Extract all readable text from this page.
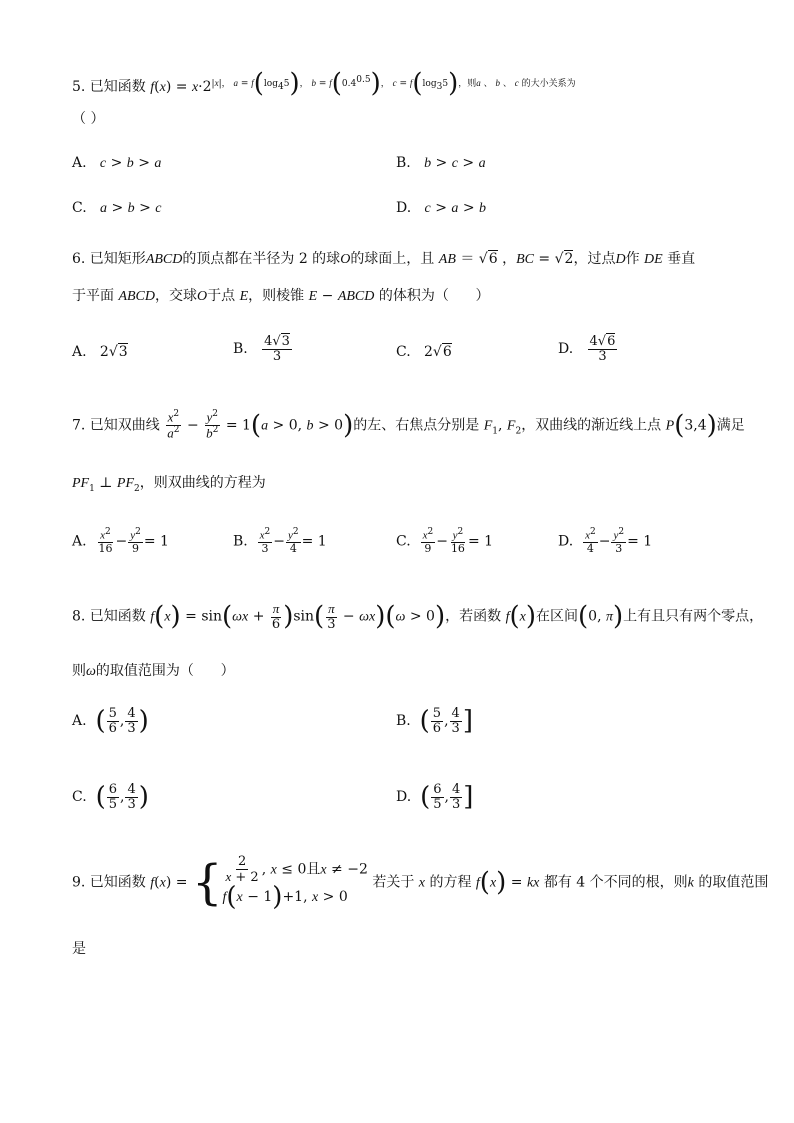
5. 已知函数 $f(x) = x\cdot 2^{|x|, a = f(log_45), b = f(0.4^{0.5}), c = f(log_35),则a 、 b 、 c 的大小关系为}$
（ ）
A.   c > b > a	B.   b > c > a
C.   a > b > c	D.   c > a > b
6. 已知矩形ABCD的顶点都在半径为 2 的球O的球面上，且 AB ＝ √6 ，BC = √2，过点D作 DE 垂直
于平面 ABCD，交球O于点 E，则棱锥 E − ABCD 的体积为（      ）
A.   2√3	B. $\frac{4√3}{3}$	C.   2√6	D. $\frac{4√6}{3}$
7. 已知双曲线 $\frac{x^2}{a^2} - \frac{y^2}{b^2} = 1(a > 0$, b > 0)的左、右焦点分别是 $F_1$, $F_2$，双曲线的渐近线上点 P(3,4)满足
$PF_1$ ⊥ $PF_2$，则双曲线的方程为
A. $\frac{x^2}{16} - \frac{y^2}{9} = 1$	B. $\frac{x^2}{3} - \frac{y^2}{4} = 1$	C. $\frac{x^2}{9} - \frac{y^2}{16} = 1$	D. $\frac{x^2}{4} - \frac{y^2}{3} = 1$
8. 已知函数 $f(x) = \sin(\omega x + \frac{\pi}{6} )\sin( \frac{\pi}{3} - \omega x)(\omega > 0)$，若函数 f(x)在区间(0, π)上有且只有两个零点，
则ω的取值范围为（      ）
A.  ( $\frac{5}{6}$ , $\frac{4}{3}$ )	B.  ( $\frac{5}{6}$ , $\frac{4}{3}$ ]
C.  ( $\frac{6}{5}$ , $\frac{4}{3}$ )	D.  ( $\frac{6}{5}$ , $\frac{4}{3}$ ]
9. 已知函数 f(x) = { $\frac{2}{x + 2}$ , x ≤ 0且x ≠ −2
f(x − 1)+1, x > 0
若关于 x 的方程 f(x) = kx 都有 4 个不同的根，则k 的取值范围
是
